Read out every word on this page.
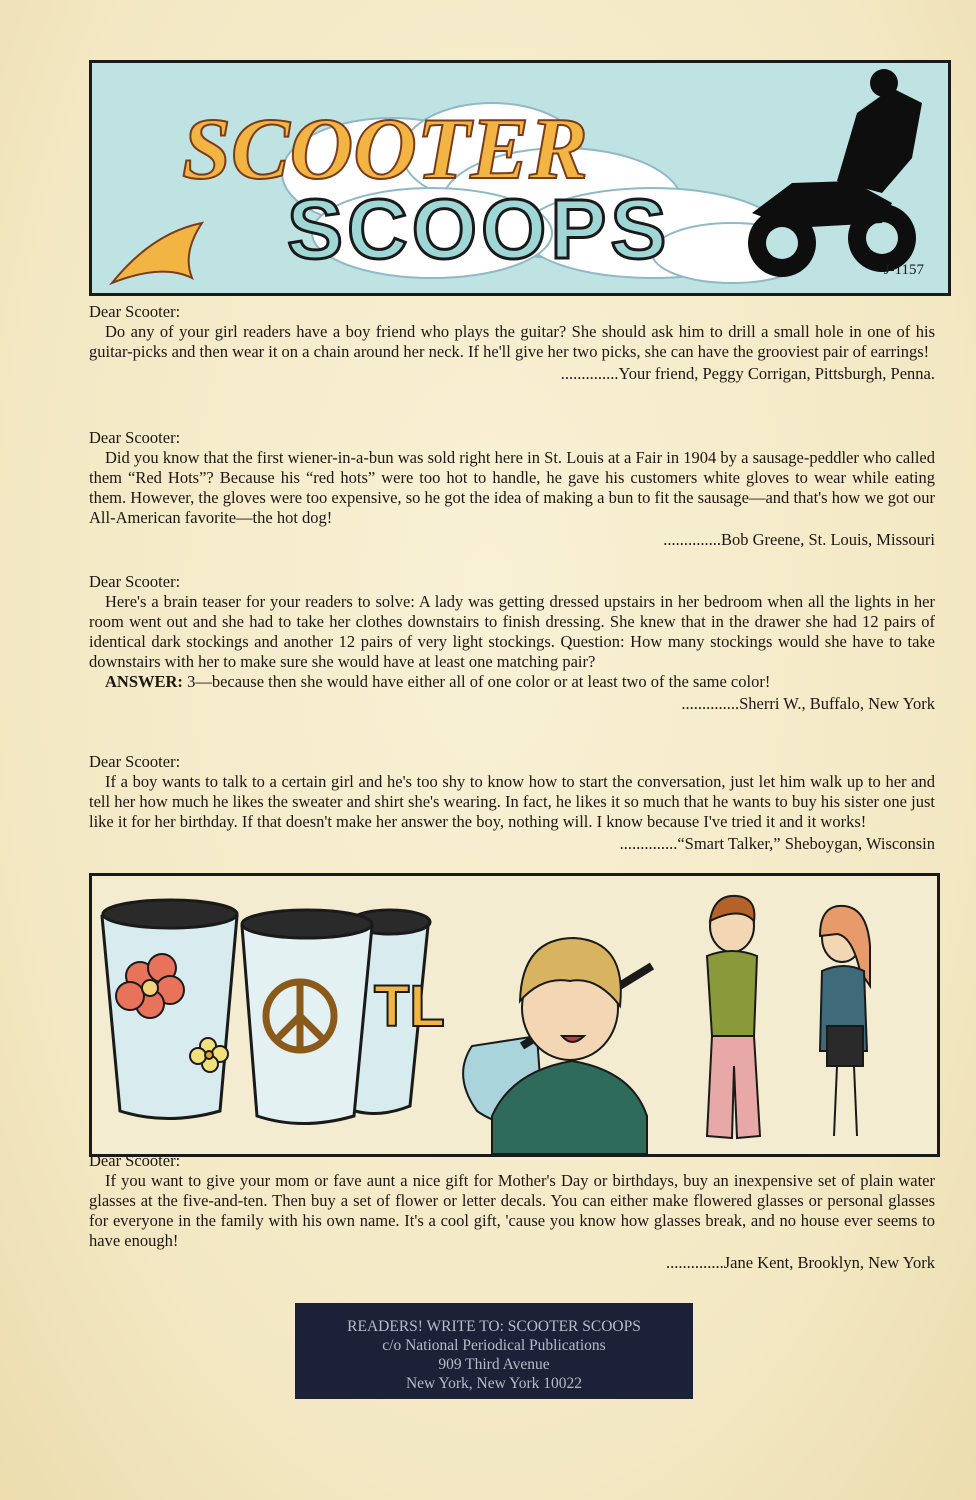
SCOOTER
SCOOPS	J-1157

Dear Scooter:

Do any of your girl readers have a boy friend who plays the guitar? She should ask him to drill a small hole in one of his guitar-picks and then wear it on a chain around her neck. If he'll give her two picks, she can have the grooviest pair of earrings!

..............Your friend, Peggy Corrigan, Pittsburgh, Penna.

Dear Scooter:

Did you know that the first wiener-in-a-bun was sold right here in St. Louis at a Fair in 1904 by a sausage-peddler who called them “Red Hots”? Because his “red hots” were too hot to handle, he gave his customers white gloves to wear while eating them. However, the gloves were too expensive, so he got the idea of making a bun to fit the sausage—and that's how we got our All-American favorite—the hot dog!

..............Bob Greene, St. Louis, Missouri

Dear Scooter:

Here's a brain teaser for your readers to solve: A lady was getting dressed upstairs in her bedroom when all the lights in her room went out and she had to take her clothes downstairs to finish dressing. She knew that in the drawer she had 12 pairs of identical dark stockings and another 12 pairs of very light stockings. Question: How many stockings would she have to take downstairs with her to make sure she would have at least one matching pair?

ANSWER: 3—because then she would have either all of one color or at least two of the same color!

..............Sherri W., Buffalo, New York

Dear Scooter:

If a boy wants to talk to a certain girl and he's too shy to know how to start the conversation, just let him walk up to her and tell her how much he likes the sweater and shirt she's wearing. In fact, he likes it so much that he wants to buy his sister one just like it for her birthday. If that doesn't make her answer the boy, nothing will. I know because I've tried it and it works!

..............“Smart Talker,” Sheboygan, Wisconsin

TL

Dear Scooter:

If you want to give your mom or fave aunt a nice gift for Mother's Day or birthdays, buy an inexpensive set of plain water glasses at the five-and-ten. Then buy a set of flower or letter decals. You can either make flowered glasses or personal glasses for everyone in the family with his own name. It's a cool gift, 'cause you know how glasses break, and no house ever seems to have enough!

..............Jane Kent, Brooklyn, New York

READERS! WRITE TO: SCOOTER SCOOPS
c/o National Periodical Publications
909 Third Avenue
New York, New York 10022
